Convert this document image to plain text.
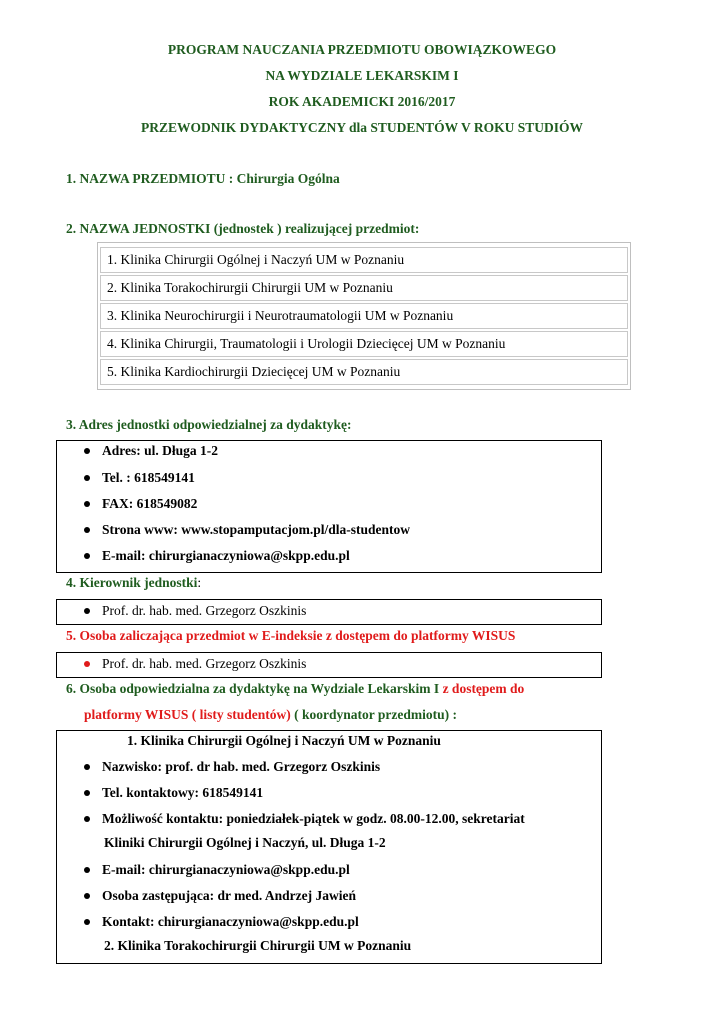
PROGRAM NAUCZANIA PRZEDMIOTU OBOWIĄZKOWEGO
NA WYDZIALE LEKARSKIM I
ROK AKADEMICKI 2016/2017
PRZEWODNIK DYDAKTYCZNY dla STUDENTÓW V ROKU STUDIÓW
1. NAZWA PRZEDMIOTU : Chirurgia Ogólna
2. NAZWA JEDNOSTKI (jednostek ) realizującej przedmiot:
1. Klinika Chirurgii Ogólnej i Naczyń UM w Poznaniu
2. Klinika Torakochirurgii Chirurgii UM w Poznaniu
3. Klinika Neurochirurgii i Neurotraumatologii UM w Poznaniu
4. Klinika Chirurgii, Traumatologii i Urologii Dziecięcej UM w Poznaniu
5. Klinika Kardiochirurgii Dziecięcej UM w Poznaniu
3. Adres jednostki odpowiedzialnej za dydaktykę:
Adres: ul. Długa 1-2
Tel. : 618549141
FAX: 618549082
Strona www: www.stopamputacjom.pl/dla-studentow
E-mail: chirurgianaczyniowa@skpp.edu.pl
4. Kierownik jednostki:
Prof. dr. hab. med. Grzegorz Oszkinis
5. Osoba zaliczająca przedmiot w E-indeksie z dostępem do platformy WISUS
Prof. dr. hab. med. Grzegorz Oszkinis
6. Osoba odpowiedzialna za dydaktykę na Wydziale Lekarskim I z dostępem do
platformy WISUS ( listy studentów) ( koordynator przedmiotu) :
1. Klinika Chirurgii Ogólnej i Naczyń UM w Poznaniu
Nazwisko: prof. dr hab. med. Grzegorz Oszkinis
Tel. kontaktowy: 618549141
Możliwość kontaktu: poniedziałek-piątek w godz. 08.00-12.00, sekretariat
Kliniki Chirurgii Ogólnej i Naczyń, ul. Długa 1-2
E-mail: chirurgianaczyniowa@skpp.edu.pl
Osoba zastępująca: dr med. Andrzej Jawień
Kontakt: chirurgianaczyniowa@skpp.edu.pl
2. Klinika Torakochirurgii Chirurgii UM w Poznaniu
